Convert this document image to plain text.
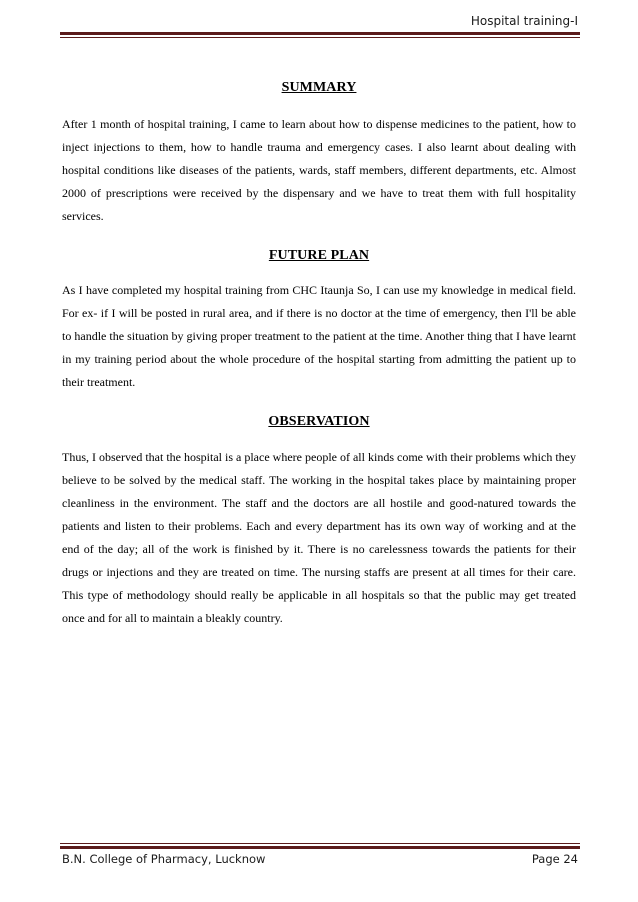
Hospital training-I
SUMMARY

After 1 month of hospital training, I came to learn about how to dispense medicines to the patient, how to inject injections to them, how to handle trauma and emergency cases. I also learnt about dealing with hospital conditions like diseases of the patients, wards, staff members, different departments, etc. Almost 2000 of prescriptions were received by the dispensary and we have to treat them with full hospitality services.

FUTURE PLAN

As I have completed my hospital training from CHC Itaunja So, I can use my knowledge in medical field. For ex- if I will be posted in rural area, and if there is no doctor at the time of emergency, then I'll be able to handle the situation by giving proper treatment to the patient at the time. Another thing that I have learnt in my training period about the whole procedure of the hospital starting from admitting the patient up to their treatment.

OBSERVATION

Thus, I observed that the hospital is a place where people of all kinds come with their problems which they believe to be solved by the medical staff. The working in the hospital takes place by maintaining proper cleanliness in the environment. The staff and the doctors are all hostile and good-natured towards the patients and listen to their problems. Each and every department has its own way of working and at the end of the day; all of the work is finished by it. There is no carelessness towards the patients for their drugs or injections and they are treated on time. The nursing staffs are present at all times for their care. This type of methodology should really be applicable in all hospitals so that the public may get treated once and for all to maintain a bleakly country.

B.N. College of Pharmacy, Lucknow	Page 24
